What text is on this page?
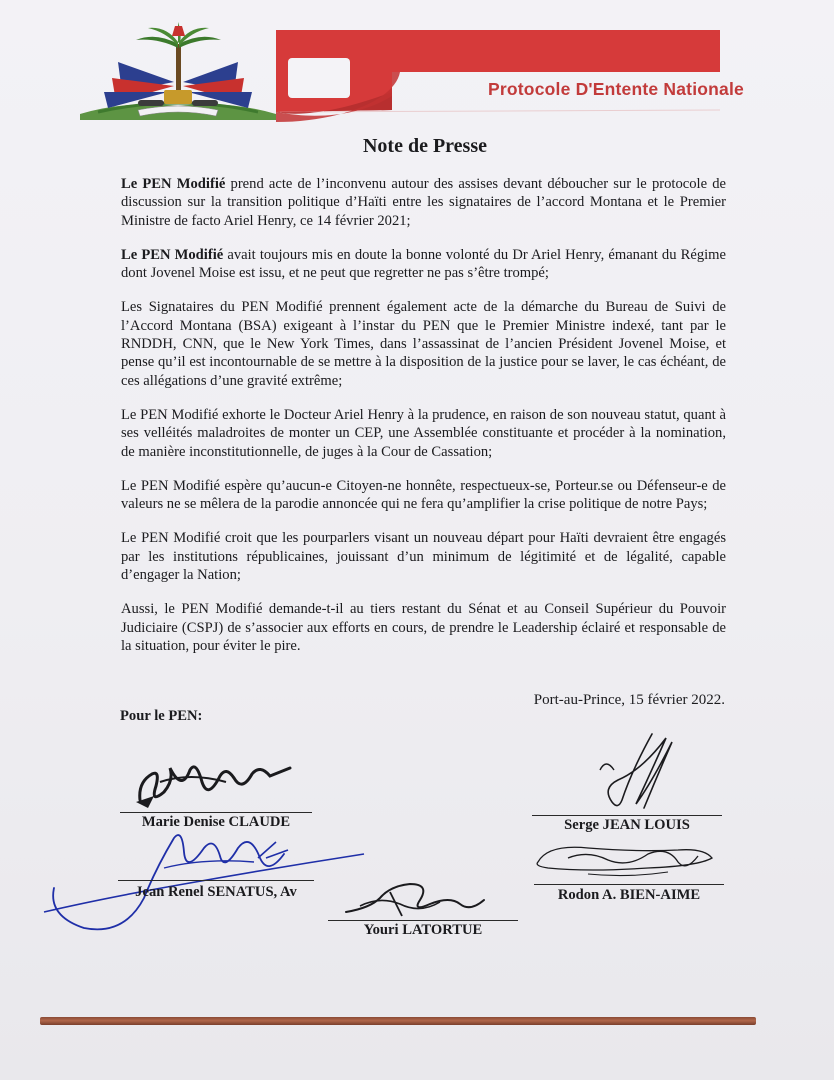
Protocole D'Entente Nationale
Note de Presse

Le PEN Modifié prend acte de l’inconvenu autour des assises devant déboucher sur le protocole de discussion sur la transition politique d’Haïti entre les signataires de l’accord Montana et le Premier Ministre de facto Ariel Henry, ce 14 février 2021;

Le PEN Modifié avait toujours mis en doute la bonne volonté du Dr Ariel Henry, émanant du Régime dont Jovenel Moise est issu, et ne peut que regretter ne pas s’être trompé;

Les Signataires du PEN Modifié prennent également acte de la démarche du Bureau de Suivi de l’Accord Montana (BSA) exigeant à l’instar du PEN que le Premier Ministre indexé, tant par le RNDDH, CNN, que le New York Times, dans l’assassinat de l’ancien Président Jovenel Moise, et pense qu’il est incontournable de se mettre à la disposition de la justice pour se laver, le cas échéant, de ces allégations d’une gravité extrême;

Le PEN Modifié exhorte le Docteur Ariel Henry à la prudence, en raison de son nouveau statut, quant à ses velléités maladroites de monter un CEP, une Assemblée constituante et procéder à la nomination, de manière inconstitutionnelle, de juges à la Cour de Cassation;

Le PEN Modifié espère qu’aucun-e Citoyen-ne honnête, respectueux-se, Porteur.se ou Défenseur-e de valeurs ne se mêlera de la parodie annoncée qui ne fera qu’amplifier la crise politique de notre Pays;

Le PEN Modifié croit que les pourparlers visant un nouveau départ pour Haïti devraient être engagés par les institutions républicaines, jouissant d’un minimum de légitimité et de légalité, capable d’engager la Nation;

Aussi, le PEN Modifié demande-t-il au tiers restant du Sénat et au Conseil Supérieur du Pouvoir Judiciaire (CSPJ) de s’associer aux efforts en cours, de prendre le Leadership éclairé et responsable de la situation, pour éviter le pire.

Port-au-Prince, 15 février 2022.
Pour le PEN:
Marie Denise CLAUDE	Serge JEAN LOUIS
Jean Renel SENATUS, Av	Rodon A. BIEN-AIME
Youri LATORTUE
